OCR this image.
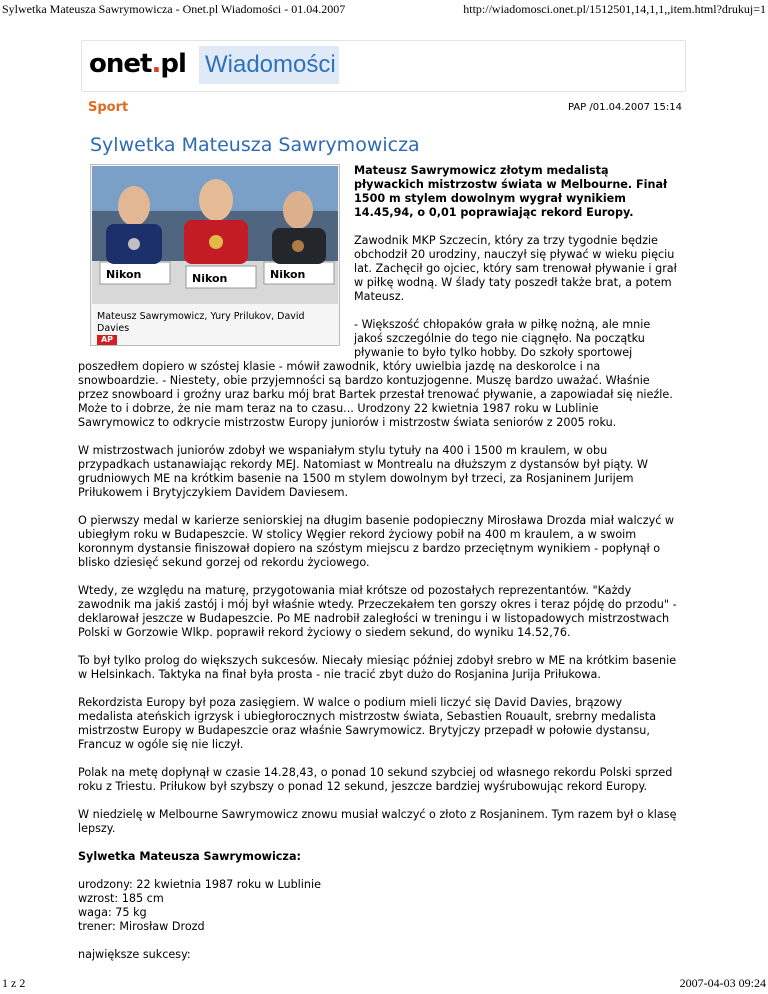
Sylwetka Mateusza Sawrymowicza - Onet.pl Wiadomości - 01.04.2007	http://wiadomosci.onet.pl/1512501,14,1,1,,item.html?drukuj=1
onet.pl Wiadomości
Sport	PAP /01.04.2007 15:14
Sylwetka Mateusza Sawrymowicza
Nikon	Nikon	Nikon
Mateusz Sawrymowicz, Yury Prilukov, David Davies
AP

Mateusz Sawrymowicz złotym medalistą pływackich mistrzostw świata w Melbourne. Finał 1500 m stylem dowolnym wygrał wynikiem 14.45,94, o 0,01 poprawiając rekord Europy.

Zawodnik MKP Szczecin, który za trzy tygodnie będzie obchodził 20 urodziny, nauczył się pływać w wieku pięciu lat. Zachęcił go ojciec, który sam trenował pływanie i grał w piłkę wodną. W ślady taty poszedł także brat, a potem Mateusz.

- Większość chłopaków grała w piłkę nożną, ale mnie jakoś szczególnie do tego nie ciągnęło. Na początku pływanie to było tylko hobby. Do szkoły sportowej poszedłem dopiero w szóstej klasie - mówił zawodnik, który uwielbia jazdę na deskorolce i na snowboardzie. - Niestety, obie przyjemności są bardzo kontuzjogenne. Muszę bardzo uważać. Właśnie przez snowboard i groźny uraz barku mój brat Bartek przestał trenować pływanie, a zapowiadał się nieźle. Może to i dobrze, że nie mam teraz na to czasu... Urodzony 22 kwietnia 1987 roku w Lublinie Sawrymowicz to odkrycie mistrzostw Europy juniorów i mistrzostw świata seniorów z 2005 roku.

W mistrzostwach juniorów zdobył we wspaniałym stylu tytuły na 400 i 1500 m kraulem, w obu przypadkach ustanawiając rekordy MEJ. Natomiast w Montrealu na dłuższym z dystansów był piąty. W grudniowych ME na krótkim basenie na 1500 m stylem dowolnym był trzeci, za Rosjaninem Jurijem Priłukowem i Brytyjczykiem Davidem Daviesem.

O pierwszy medal w karierze seniorskiej na długim basenie podopieczny Mirosława Drozda miał walczyć w ubiegłym roku w Budapeszcie. W stolicy Węgier rekord życiowy pobił na 400 m kraulem, a w swoim koronnym dystansie finiszował dopiero na szóstym miejscu z bardzo przeciętnym wynikiem - popłynął o blisko dziesięć sekund gorzej od rekordu życiowego.

Wtedy, ze względu na maturę, przygotowania miał krótsze od pozostałych reprezentantów. "Każdy zawodnik ma jakiś zastój i mój był właśnie wtedy. Przeczekałem ten gorszy okres i teraz pójdę do przodu" - deklarował jeszcze w Budapeszcie. Po ME nadrobił zaległości w treningu i w listopadowych mistrzostwach Polski w Gorzowie Wlkp. poprawił rekord życiowy o siedem sekund, do wyniku 14.52,76.

To był tylko prolog do większych sukcesów. Niecały miesiąc później zdobył srebro w ME na krótkim basenie w Helsinkach. Taktyka na finał była prosta - nie tracić zbyt dużo do Rosjanina Jurija Priłukowa.

Rekordzista Europy był poza zasięgiem. W walce o podium mieli liczyć się David Davies, brązowy medalista ateńskich igrzysk i ubiegłorocznych mistrzostw świata, Sebastien Rouault, srebrny medalista mistrzostw Europy w Budapeszcie oraz właśnie Sawrymowicz. Brytyjczy przepadł w połowie dystansu, Francuz w ogóle się nie liczył.

Polak na metę dopłynął w czasie 14.28,43, o ponad 10 sekund szybciej od własnego rekordu Polski sprzed roku z Triestu. Priłukow był szybszy o ponad 12 sekund, jeszcze bardziej wyśrubowując rekord Europy.

W niedzielę w Melbourne Sawrymowicz znowu musiał walczyć o złoto z Rosjaninem. Tym razem był o klasę lepszy.

Sylwetka Mateusza Sawrymowicza:

urodzony: 22 kwietnia 1987 roku w Lublinie
wzrost: 185 cm
waga: 75 kg
trener: Mirosław Drozd

największe sukcesy:

1 z 2	2007-04-03 09:24
